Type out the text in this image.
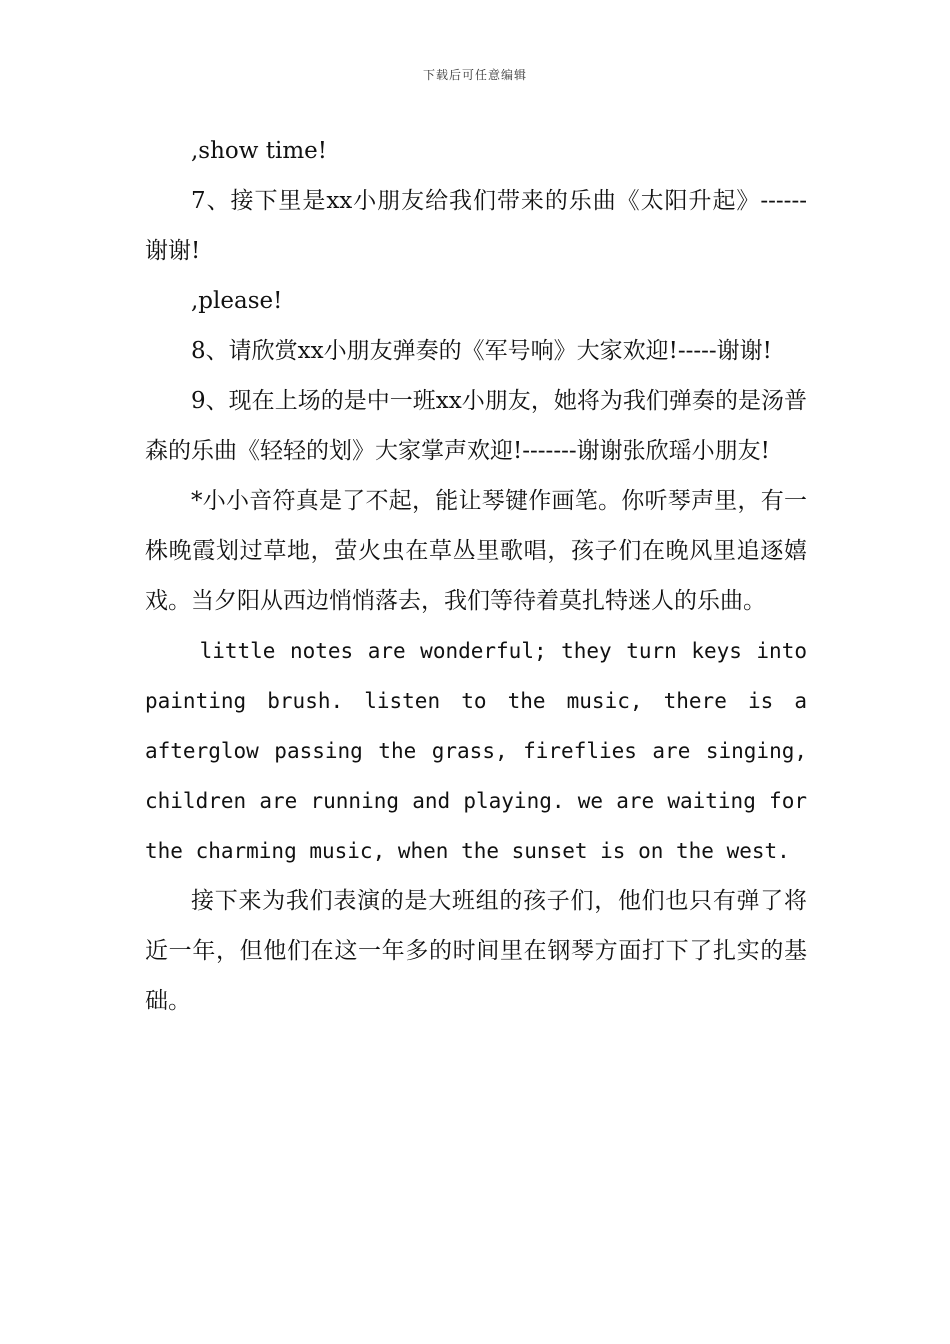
下载后可任意编辑

,show time!

7、接下里是xx小朋友给我们带来的乐曲《太阳升起》------谢谢!

,please!

8、请欣赏xx小朋友弹奏的《军号响》大家欢迎!-----谢谢!

9、现在上场的是中一班xx小朋友，她将为我们弹奏的是汤普森的乐曲《轻轻的划》大家掌声欢迎!-------谢谢张欣瑶小朋友!

*小小音符真是了不起，能让琴键作画笔。你听琴声里，有一株晚霞划过草地，萤火虫在草丛里歌唱，孩子们在晚风里追逐嬉戏。当夕阳从西边悄悄落去，我们等待着莫扎特迷人的乐曲。

little notes are wonderful; they turn keys into painting brush. listen to the music, there is a afterglow passing the grass, fireflies are singing, children are running and playing. we are waiting for the charming music, when the sunset is on the west.

接下来为我们表演的是大班组的孩子们，他们也只有弹了将近一年，但他们在这一年多的时间里在钢琴方面打下了扎实的基础。
